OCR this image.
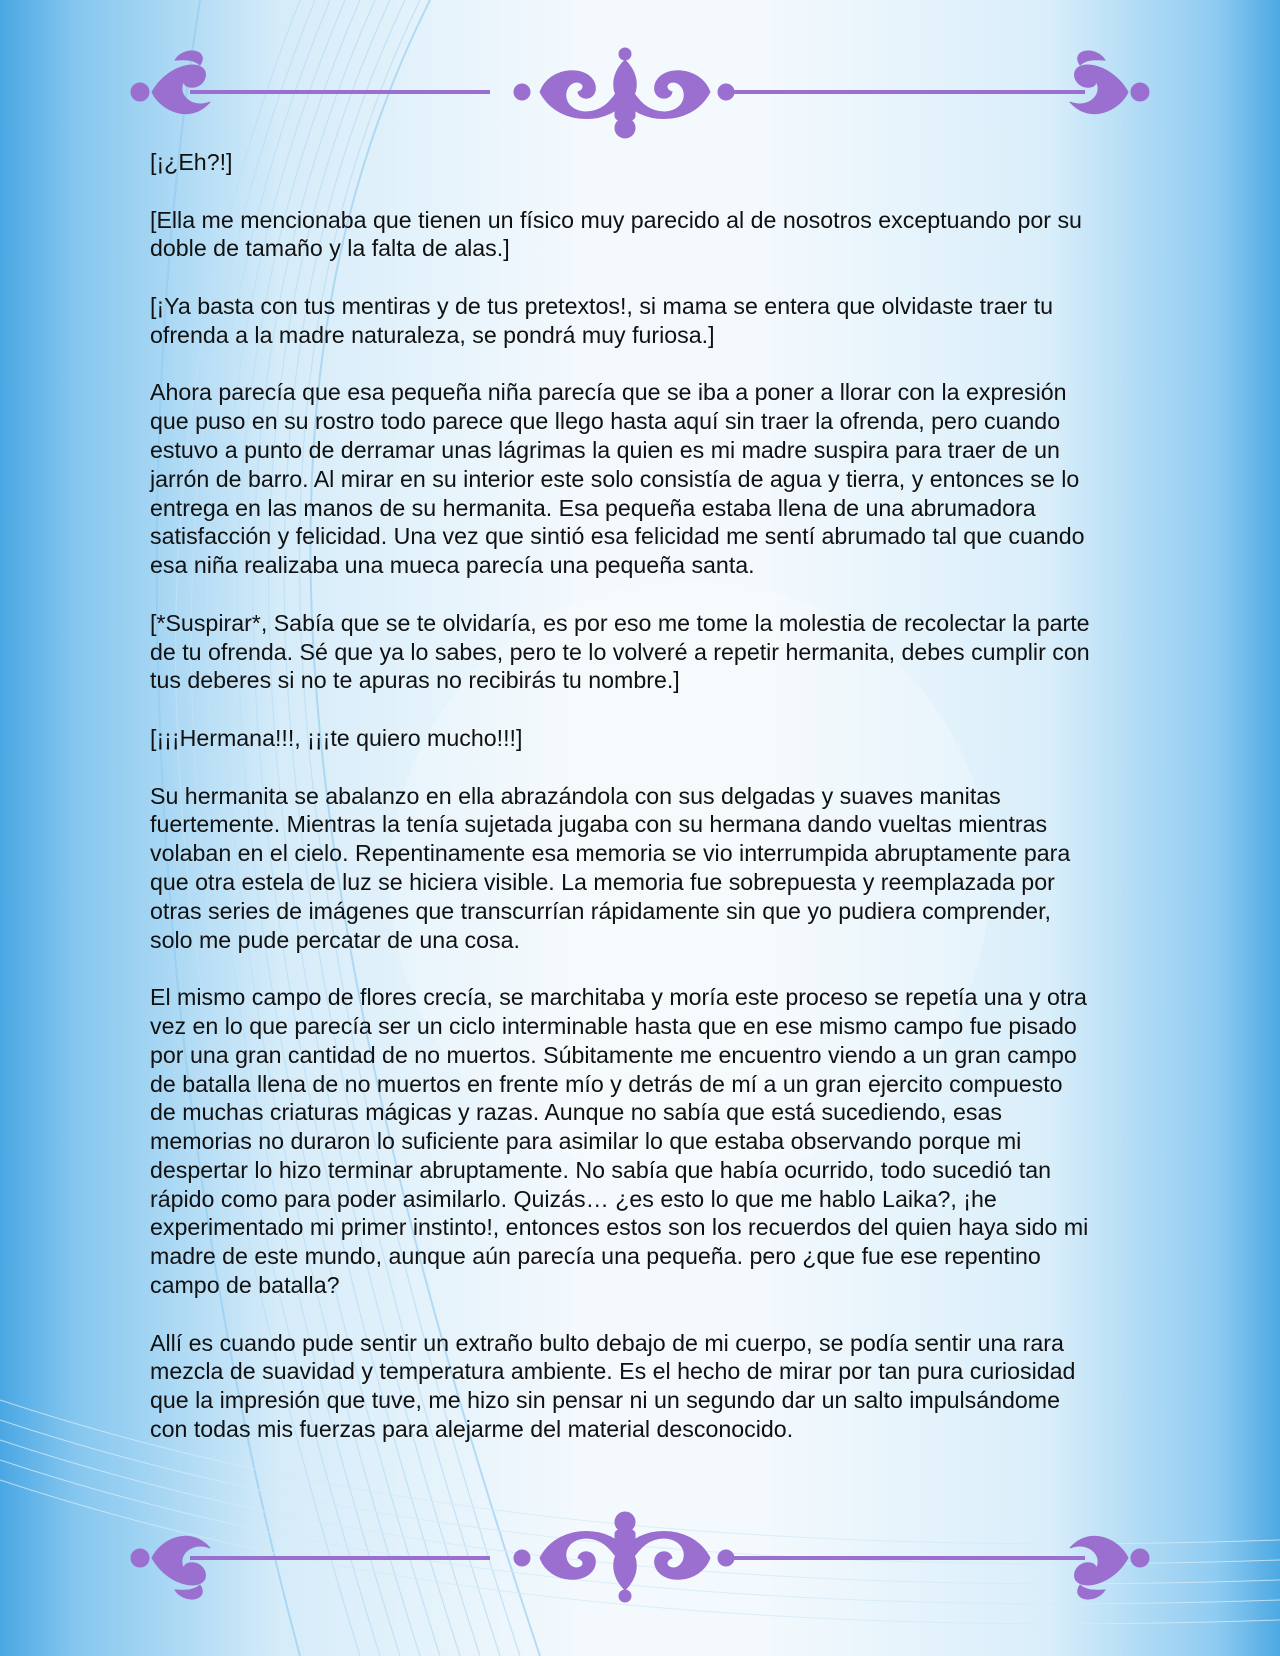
[¡¿Eh?!]

[Ella me mencionaba que tienen un físico muy parecido al de nosotros exceptuando por su doble de tamaño y la falta de alas.]

[¡Ya basta con tus mentiras y de tus pretextos!, si mama se entera que olvidaste traer tu ofrenda a la madre naturaleza, se pondrá muy furiosa.]

Ahora parecía que esa pequeña niña parecía que se iba a poner a llorar con la expresión que puso en su rostro todo parece que llego hasta aquí sin traer la ofrenda, pero cuando estuvo a punto de derramar unas lágrimas la quien es mi madre suspira para traer de un jarrón de barro. Al mirar en su interior este solo consistía de agua y tierra, y entonces se lo entrega en las manos de su hermanita. Esa pequeña estaba llena de una abrumadora satisfacción y felicidad. Una vez que sintió esa felicidad me sentí abrumado tal que cuando esa niña realizaba una mueca parecía una pequeña santa.

[*Suspirar*, Sabía que se te olvidaría, es por eso me tome la molestia de recolectar la parte de tu ofrenda. Sé que ya lo sabes, pero te lo volveré a repetir hermanita, debes cumplir con tus deberes si no te apuras no recibirás tu nombre.]

[¡¡¡Hermana!!!, ¡¡¡te quiero mucho!!!]

Su hermanita se abalanzo en ella abrazándola con sus delgadas y suaves manitas fuertemente. Mientras la tenía sujetada jugaba con su hermana dando vueltas mientras volaban en el cielo. Repentinamente esa memoria se vio interrumpida abruptamente para que otra estela de luz se hiciera visible. La memoria fue sobrepuesta y reemplazada por otras series de imágenes que transcurrían rápidamente sin que yo pudiera comprender, solo me pude percatar de una cosa.

El mismo campo de flores crecía, se marchitaba y moría este proceso se repetía una y otra vez en lo que parecía ser un ciclo interminable hasta que en ese mismo campo fue pisado por una gran cantidad de no muertos. Súbitamente me encuentro viendo a un gran campo de batalla llena de no muertos en frente mío y detrás de mí a un gran ejercito compuesto de muchas criaturas mágicas y razas. Aunque no sabía que está sucediendo, esas memorias no duraron lo suficiente para asimilar lo que estaba observando porque mi despertar lo hizo terminar abruptamente. No sabía que había ocurrido, todo sucedió tan rápido como para poder asimilarlo. Quizás… ¿es esto lo que me hablo Laika?, ¡he experimentado mi primer instinto!, entonces estos son los recuerdos del quien haya sido mi madre de este mundo, aunque aún parecía una pequeña. pero ¿que fue ese repentino campo de batalla?

Allí es cuando pude sentir un extraño bulto debajo de mi cuerpo, se podía sentir una rara mezcla de suavidad y temperatura ambiente. Es el hecho de mirar por tan pura curiosidad que la impresión que tuve, me hizo sin pensar ni un segundo dar un salto impulsándome con todas mis fuerzas para alejarme del material desconocido.
